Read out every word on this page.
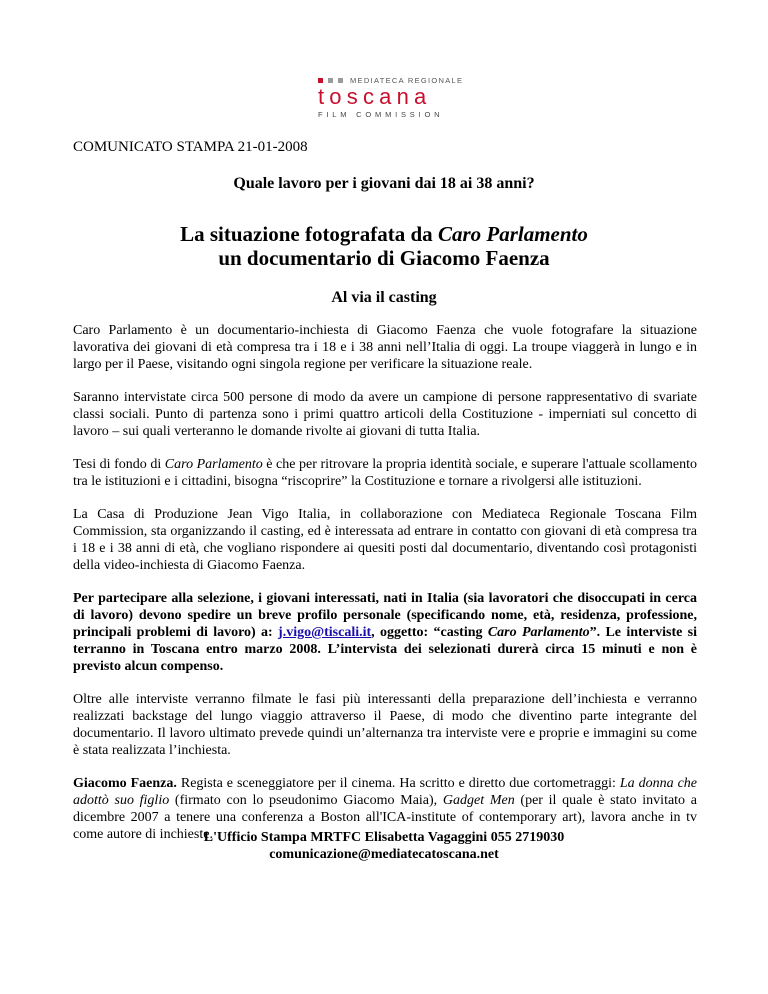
MEDIATECA REGIONALE
toscana
FILM COMMISSION
COMUNICATO STAMPA 21-01-2008
Quale lavoro per i giovani dai 18 ai 38 anni?
La situazione fotografata da Caro Parlamento
un documentario di Giacomo Faenza
Al via il casting

Caro Parlamento è un documentario-inchiesta di Giacomo Faenza che vuole fotografare la situazione lavorativa dei giovani di età compresa tra i 18 e i 38 anni nell’Italia di oggi. La troupe viaggerà in lungo e in largo per il Paese, visitando ogni singola regione per verificare la situazione reale.

Saranno intervistate circa 500 persone di modo da avere un campione di persone rappresentativo di svariate classi sociali. Punto di partenza sono i primi quattro articoli della Costituzione - imperniati sul concetto di lavoro – sui quali verteranno le domande rivolte ai giovani di tutta Italia.

Tesi di fondo di Caro Parlamento è che per ritrovare la propria identità sociale, e superare l'attuale scollamento tra le istituzioni e i cittadini, bisogna “riscoprire” la Costituzione e tornare a rivolgersi alle istituzioni.

La Casa di Produzione Jean Vigo Italia, in collaborazione con Mediateca Regionale Toscana Film Commission, sta organizzando il casting, ed è interessata ad entrare in contatto con giovani di età compresa tra i 18 e i 38 anni di età, che vogliano rispondere ai quesiti posti dal documentario, diventando così protagonisti della video-inchiesta di Giacomo Faenza.

Per partecipare alla selezione, i giovani interessati, nati in Italia (sia lavoratori che disoccupati in cerca di lavoro) devono spedire un breve profilo personale (specificando nome, età, residenza, professione, principali problemi di lavoro) a: j.vigo@tiscali.it, oggetto: “casting Caro Parlamento”. Le interviste si terranno in Toscana entro marzo 2008. L’intervista dei selezionati durerà circa 15 minuti e non è previsto alcun compenso.

Oltre alle interviste verranno filmate le fasi più interessanti della preparazione dell’inchiesta e verranno realizzati backstage del lungo viaggio attraverso il Paese, di modo che diventino parte integrante del documentario. Il lavoro ultimato prevede quindi un’alternanza tra interviste vere e proprie e immagini su come è stata realizzata l’inchiesta.

Giacomo Faenza. Regista e sceneggiatore per il cinema. Ha scritto e diretto due cortometraggi: La donna che adottò suo figlio (firmato con lo pseudonimo Giacomo Maia), Gadget Men (per il quale è stato invitato a dicembre 2007 a tenere una conferenza a Boston all'ICA-institute of contemporary art), lavora anche in tv come autore di inchieste.

L'Ufficio Stampa MRTFC Elisabetta Vagaggini 055 2719030
comunicazione@mediatecatoscana.net
